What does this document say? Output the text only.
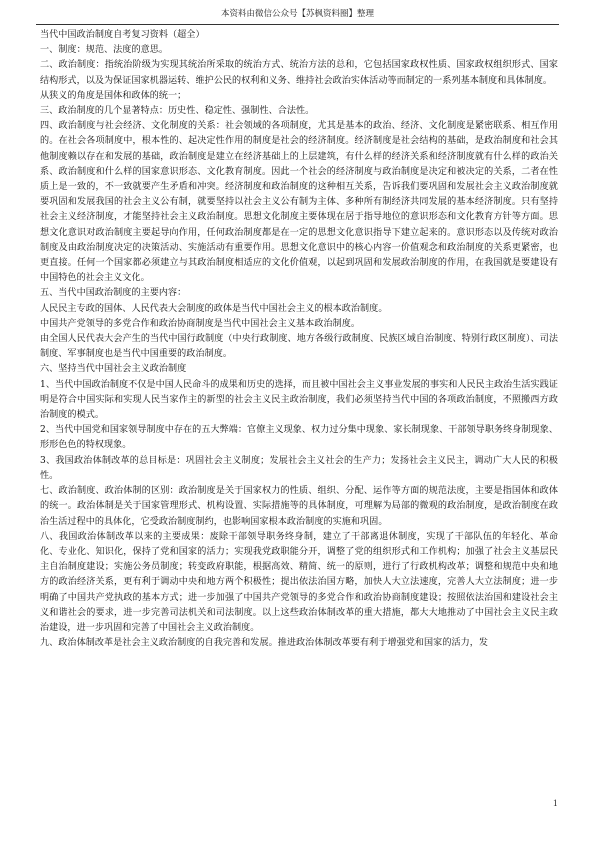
本资料由微信公众号【苏枫资料圈】整理

当代中国政治制度自考复习资料（超全）

一、制度：规范、法度的意思。

二、政治制度：指统治阶级为实现其统治所采取的统治方式、统治方法的总和，它包括国家政权性质、国家政权组织形式、国家结构形式，以及为保证国家机器运转、维护公民的权利和义务、维持社会政治实体活动等而制定的一系列基本制度和具体制度。

从狭义的角度是国体和政体的统一；

三、政治制度的几个显著特点：历史性、稳定性、强制性、合法性。

四、政治制度与社会经济、文化制度的关系：社会领域的各项制度，尤其是基本的政治、经济、文化制度是紧密联系、相互作用的。在社会各项制度中，根本性的、起决定性作用的制度是社会的经济制度。经济制度是社会结构的基础，是政治制度和社会其他制度赖以存在和发展的基础，政治制度是建立在经济基础上的上层建筑，有什么样的经济关系和经济制度就有什么样的政治关系、政治制度和什么样的国家意识形态、文化教育制度。因此一个社会的经济制度与政治制度是决定和被决定的关系，二者在性质上是一致的，不一致就要产生矛盾和冲突。经济制度和政治制度的这种相互关系，告诉我们要巩固和发展社会主义政治制度就要巩固和发展我国的社会主义公有制，就要坚持以社会主义公有制为主体、多种所有制经济共同发展的基本经济制度。只有坚持社会主义经济制度，才能坚持社会主义政治制度。思想文化制度主要体现在居于指导地位的意识形态和文化教育方针等方面。思想文化意识对政治制度主要起导向作用，任何政治制度都是在一定的思想文化意识指导下建立起来的。意识形态以及传统对政治制度及由政治制度决定的决策活动、实施活动有重要作用。思想文化意识中的核心内容一价值观念和政治制度的关系更紧密，也更直接。任何一个国家都必须建立与其政治制度相适应的文化价值观，以起到巩固和发展政治制度的作用，在我国就是要建设有中国特色的社会主义文化。

五、当代中国政治制度的主要内容：

人民民主专政的国体、人民代表大会制度的政体是当代中国社会主义的根本政治制度。

中国共产党领导的多党合作和政治协商制度是当代中国社会主义基本政治制度。

由全国人民代表大会产生的当代中国行政制度（中央行政制度、地方各级行政制度、民族区域自治制度、特别行政区制度）、司法制度、军事制度也是当代中国重要的政治制度。

六、坚持当代中国社会主义政治制度

1、当代中国政治制度不仅是中国人民命斗的成果和历史的选择，而且被中国社会主义事业发展的事实和人民民主政治生活实践证明是符合中国实际和实现人民当家作主的新型的社会主义民主政治制度，我们必须坚持当代中国的各项政治制度，不照搬西方政治制度的模式。

2、当代中国党和国家领导制度中存在的五大弊端：官僚主义现象、权力过分集中现象、家长制现象、干部领导职务终身制现象、形形色色的特权现象。

3、我国政治体制改革的总目标是：巩固社会主义制度；发展社会主义社会的生产力；发扬社会主义民主，调动广大人民的积极性。

七、政治制度、政治体制的区别：政治制度是关于国家权力的性质、组织、分配、运作等方面的规范法度，主要是指国体和政体的统一。政治体制是关于国家管理形式、机构设置、实际措施等的具体制度，可理解为局部的微观的政治制度，是政治制度在政治生活过程中的具体化，它受政治制度制约，也影响国家根本政治制度的实施和巩固。

八、我国政治体制改革以来的主要成果：废除干部领导职务终身制，建立了干部离退休制度，实现了干部队伍的年轻化、革命化、专业化、知识化，保持了党和国家的活力；实现我党政职能分开，调整了党的组织形式和工作机构；加强了社会主义基层民主自治制度建设；实施公务员制度；转变政府职能，根据高效、精简、统一的原则，进行了行政机构改革；调整和规范中央和地方的政治经济关系，更有利于调动中央和地方两个积极性；提出依法治国方略，加快人大立法速度，完善人大立法制度；进一步明确了中国共产党执政的基本方式；进一步加强了中国共产党领导的多党合作和政治协商制度建设；按照依法治国和建设社会主义和谐社会的要求，进一步完善司法机关和司法制度。以上这些政治体制改革的重大措施，都大大地推动了中国社会主义民主政治建设，进一步巩固和完善了中国社会主义政治制度。

九、政治体制改革是社会主义政治制度的自我完善和发展。推进政治体制改革要有利于增强党和国家的活力，发

1
